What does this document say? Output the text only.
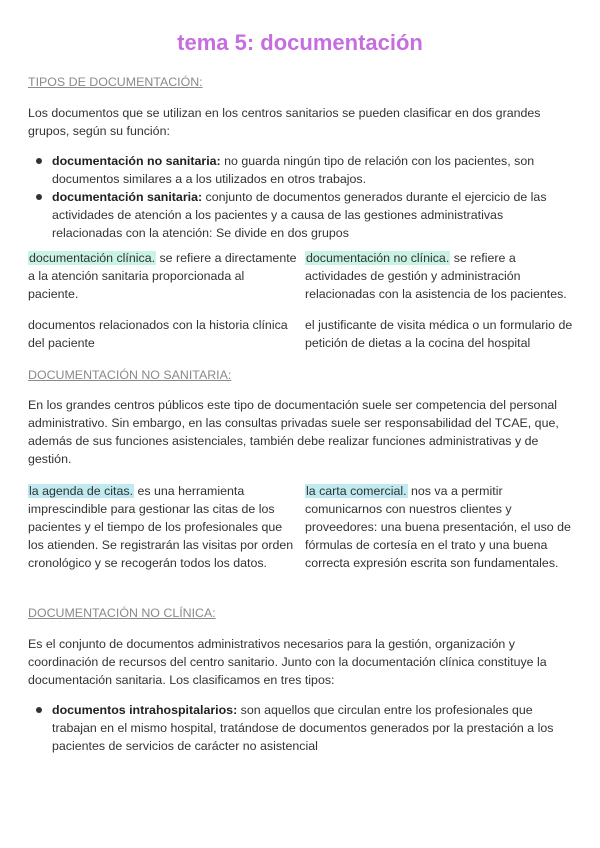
tema 5: documentación
TIPOS DE DOCUMENTACIÓN:
Los documentos que se utilizan en los centros sanitarios se pueden clasificar en dos grandes grupos, según su función:
documentación no sanitaria: no guarda ningún tipo de relación con los pacientes, son documentos similares a a los utilizados en otros trabajos.
documentación sanitaria: conjunto de documentos generados durante el ejercicio de las actividades de atención a los pacientes y a causa de las gestiones administrativas relacionadas con la atención: Se divide en dos grupos
documentación clínica. se refiere a directamente a la atención sanitaria proporcionada al paciente.
documentación no clínica. se refiere a actividades de gestión y administración relacionadas con la asistencia de los pacientes.
documentos relacionados con la historia clínica del paciente
el justificante de visita médica o un formulario de petición de dietas a la cocina del hospital
DOCUMENTACIÓN NO SANITARIA:
En los grandes centros públicos este tipo de documentación suele ser competencia del personal administrativo. Sin embargo, en las consultas privadas suele ser responsabilidad del TCAE, que, además de sus funciones asistenciales, también debe realizar funciones administrativas y de gestión.
la agenda de citas. es una herramienta imprescindible para gestionar las citas de los pacientes y el tiempo de los profesionales que los atienden. Se registrarán las visitas por orden cronológico y se recogerán todos los datos.
la carta comercial. nos va a permitir comunicarnos con nuestros clientes y proveedores: una buena presentación, el uso de fórmulas de cortesía en el trato y una buena correcta expresión escrita son fundamentales.
DOCUMENTACIÓN NO CLÍNICA:
Es el conjunto de documentos administrativos necesarios para la gestión, organización y coordinación de recursos del centro sanitario. Junto con la documentación clínica constituye la documentación sanitaria. Los clasificamos en tres tipos:
documentos intrahospitalarios: son aquellos que circulan entre los profesionales que trabajan en el mismo hospital, tratándose de documentos generados por la prestación a los pacientes de servicios de carácter no asistencial
